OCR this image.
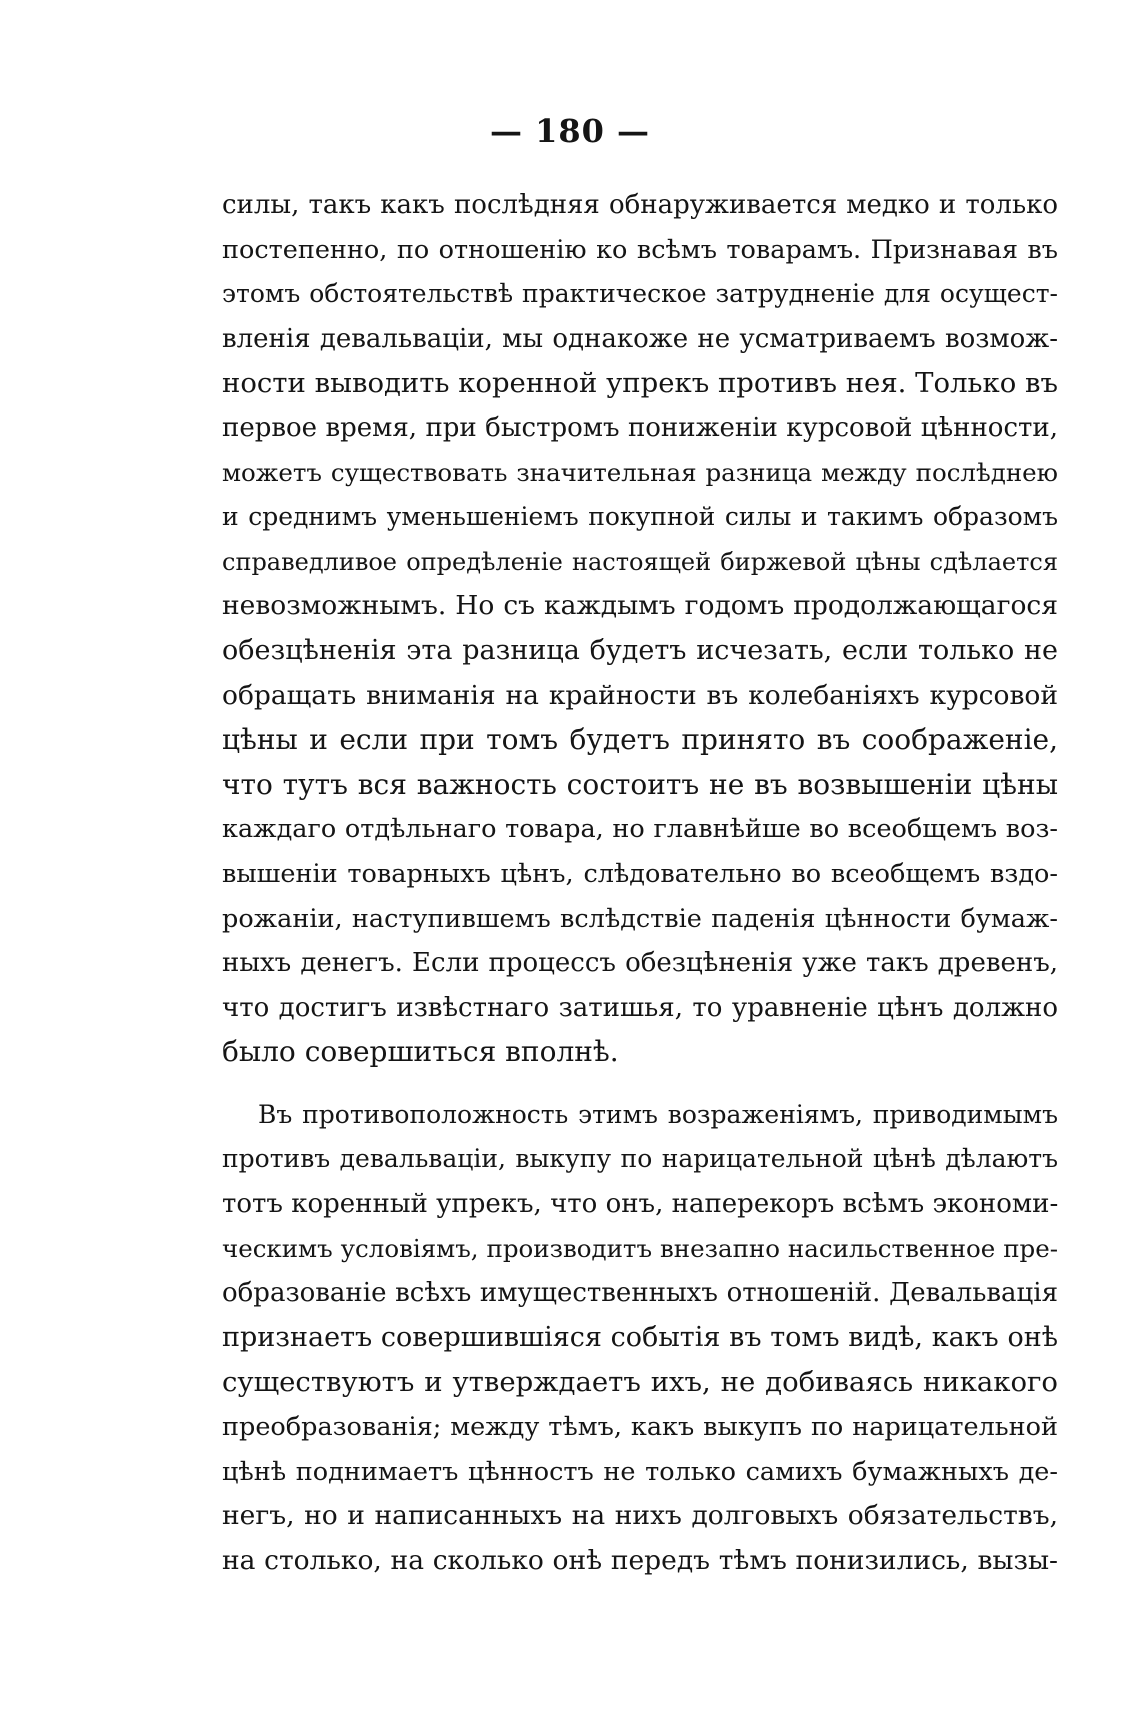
— 180 —
силы, такъ какъ послѣдняя обнаруживается медко и только
постепенно, по отношенію ко всѣмъ товарамъ. Признавая въ
этомъ обстоятельствѣ практическое затрудненіе для осущест-
вленія девальваціи, мы однакожe не усматриваемъ возмож-
ности выводить коренной упрекъ противъ нея. Только въ
первое время, при быстромъ пониженіи курсовой цѣнности,
можетъ существовать значительная разница между послѣднею
и среднимъ уменьшеніемъ покупной силы и такимъ образомъ
справедливое опредѣленіе настоящей биржевой цѣны сдѣлается
невозможнымъ. Но съ каждымъ годомъ продолжающагося
обезцѣненія эта разница будетъ исчезать, если только не
обращать вниманія на крайности въ колебаніяхъ курсовой
цѣны и если при томъ будетъ принято въ соображеніе,
что тутъ вся важность состоитъ не въ возвышеніи цѣны
каждаго отдѣльнаго товара, но главнѣйше во всеобщемъ воз-
вышеніи товарныхъ цѣнъ, слѣдовательно во всеобщемъ вздо-
рожаніи, наступившемъ вслѣдствіе паденія цѣнности бумаж-
ныхъ денегъ. Если процессъ обезцѣненія уже такъ древенъ,
что достигъ извѣстнаго затишья, то уравненіе цѣнъ должно
было совершиться вполнѣ.
Въ противоположность этимъ возраженіямъ, приводимымъ
противъ девальваціи, выкупу по нарицательной цѣнѣ дѣлаютъ
тотъ коренный упрекъ, что онъ, наперекоръ всѣмъ экономи-
ческимъ условіямъ, производитъ внезапно насильственное пре-
образованіе всѣхъ имущественныхъ отношеній. Девальвація
признаетъ совершившіяся событія въ томъ видѣ, какъ онѣ
существуютъ и утверждаетъ ихъ, не добиваясь никакого
преобразованія; между тѣмъ, какъ выкупъ по нарицательной
цѣнѣ поднимаетъ цѣнностъ не только самихъ бумажныхъ де-
негъ, но и написанныхъ на нихъ долговыхъ обязательствъ,
на столько, на сколько онѣ передъ тѣмъ понизились, вызы-
